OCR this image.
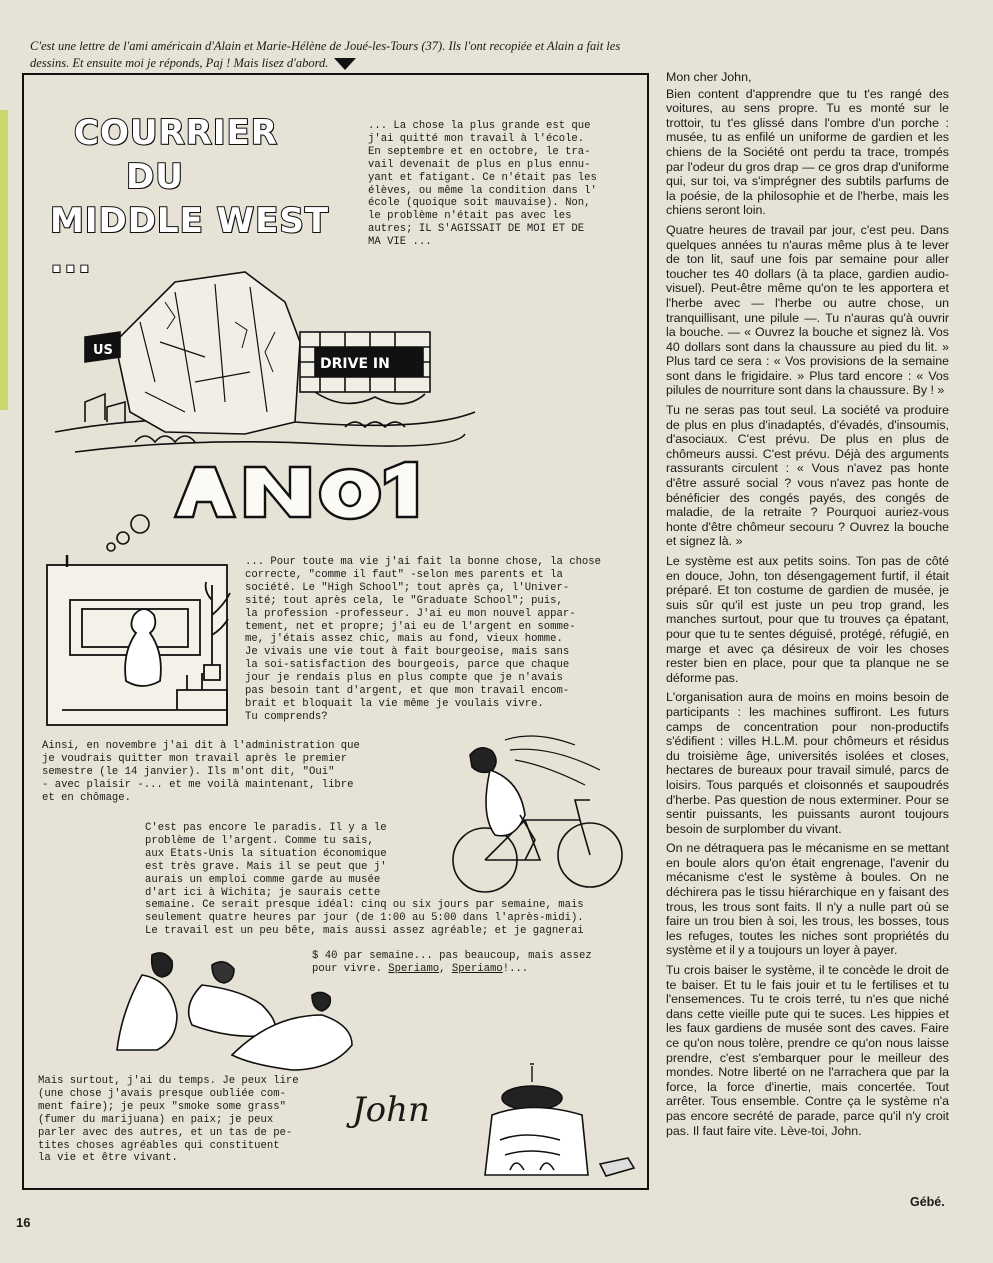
C'est une lettre de l'ami américain d'Alain et Marie-Hélène de Joué-les-Tours (37). Ils l'ont recopiée et Alain a fait les dessins. Et ensuite moi je réponds, Paj ! Mais lisez d'abord.
COURRIER
DU
MIDDLE WEST ...
... La chose la plus grande est que
j'ai quitté mon travail à l'école.
En septembre et en octobre, le tra-
vail devenait de plus en plus ennu-
yant et fatigant. Ce n'était pas les
élèves, ou même la condition dans l'
école (quoique soit mauvaise). Non,
le problème n'était pas avec les
autres; IL S'AGISSAIT DE MOI ET DE
MA VIE ...
US
DRIVE IN
... Pour toute ma vie j'ai fait la bonne chose, la chose
correcte, "comme il faut" -selon mes parents et la
société. Le "High School"; tout après ça, l'Univer-
sité; tout après cela, le "Graduate School"; puis,
la profession -professeur. J'ai eu mon nouvel appar-
tement, net et propre; j'ai eu de l'argent en somme-
me, j'étais assez chic, mais au fond, vieux homme.
Je vivais une vie tout à fait bourgeoise, mais sans
la soi-satisfaction des bourgeois, parce que chaque
jour je rendais plus en plus compte que je n'avais
pas besoin tant d'argent, et que mon travail encom-
brait et bloquait la vie même je voulais vivre.
Tu comprends?
Ainsi, en novembre j'ai dit à l'administration que
je voudrais quitter mon travail après le premier
semestre (le 14 janvier). Ils m'ont dit, "Oui"
- avec plaisir -... et me voilà maintenant, libre
et en chômage.
C'est pas encore le paradis. Il y a le
problème de l'argent. Comme tu sais,
aux Etats-Unis la situation économique
est très grave. Mais il se peut que j'
aurais un emploi comme garde au musée
d'art ici à Wichita; je saurais cette
semaine. Ce serait presque idéal: cinq ou six jours par semaine, mais
seulement quatre heures par jour (de 1:00 au 5:00 dans l'après-midi).
Le travail est un peu bête, mais aussi assez agréable; et je gagnerai
$ 40 par semaine... pas beaucoup, mais assez
pour vivre. Speriamo, Speriamo!...
Mais surtout, j'ai du temps. Je peux lire
(une chose j'avais presque oubliée com-
ment faire); je peux "smoke some grass"
(fumer du marijuana) en paix; je peux
parler avec des autres, et un tas de pe-
tites choses agréables qui constituent
la vie et être vivant.
John

Mon cher John,

Bien content d'apprendre que tu t'es rangé des voitures, au sens propre. Tu es monté sur le trottoir, tu t'es glissé dans l'ombre d'un porche : musée, tu as enfilé un uniforme de gardien et les chiens de la Société ont perdu ta trace, trompés par l'odeur du gros drap — ce gros drap d'uniforme qui, sur toi, va s'imprégner des subtils parfums de la poésie, de la philosophie et de l'herbe, mais les chiens seront loin.

Quatre heures de travail par jour, c'est peu. Dans quelques années tu n'auras même plus à te lever de ton lit, sauf une fois par semaine pour aller toucher tes 40 dollars (à ta place, gardien audio-visuel). Peut-être même qu'on te les apportera et l'herbe avec — l'herbe ou autre chose, un tranquillisant, une pilule —. Tu n'auras qu'à ouvrir la bouche. — « Ouvrez la bouche et signez là. Vos 40 dollars sont dans la chaussure au pied du lit. » Plus tard ce sera : « Vos provisions de la semaine sont dans le frigidaire. » Plus tard encore : « Vos pilules de nourriture sont dans la chaussure. By ! »

Tu ne seras pas tout seul. La société va produire de plus en plus d'inadaptés, d'évadés, d'insoumis, d'asociaux. C'est prévu. De plus en plus de chômeurs aussi. C'est prévu. Déjà des arguments rassurants circulent : « Vous n'avez pas honte d'être assuré social ? vous n'avez pas honte de bénéficier des congés payés, des congés de maladie, de la retraite ? Pourquoi auriez-vous honte d'être chômeur secouru ? Ouvrez la bouche et signez là. »

Le système est aux petits soins. Ton pas de côté en douce, John, ton désengagement furtif, il était préparé. Et ton costume de gardien de musée, je suis sûr qu'il est juste un peu trop grand, les manches surtout, pour que tu trouves ça épatant, pour que tu te sentes déguisé, protégé, réfugié, en marge et avec ça désireux de voir les choses rester bien en place, pour que ta planque ne se déforme pas.

L'organisation aura de moins en moins besoin de participants : les machines suffiront. Les futurs camps de concentration pour non-productifs s'édifient : villes H.L.M. pour chômeurs et résidus du troisième âge, universités isolées et closes, hectares de bureaux pour travail simulé, parcs de loisirs. Tous parqués et cloisonnés et saupoudrés d'herbe. Pas question de nous exterminer. Pour se sentir puissants, les puissants auront toujours besoin de surplomber du vivant.

On ne détraquera pas le mécanisme en se mettant en boule alors qu'on était engrenage, l'avenir du mécanisme c'est le système à boules. On ne déchirera pas le tissu hiérarchique en y faisant des trous, les trous sont faits. Il n'y a nulle part où se faire un trou bien à soi, les trous, les bosses, tous les refuges, toutes les niches sont propriétés du système et il y a toujours un loyer à payer.

Tu crois baiser le système, il te concède le droit de te baiser. Et tu le fais jouir et tu le fertilises et tu l'ensemences. Tu te crois terré, tu n'es que niché dans cette vieille pute qui te suces. Les hippies et les faux gardiens de musée sont des caves. Faire ce qu'on nous tolère, prendre ce qu'on nous laisse prendre, c'est s'embarquer pour le meilleur des mondes. Notre liberté on ne l'arrachera que par la force, la force d'inertie, mais concertée. Tout arrêter. Tous ensemble. Contre ça le système n'a pas encore secrété de parade, parce qu'il n'y croit pas. Il faut faire vite. Lève-toi, John.

Gébé.
16
